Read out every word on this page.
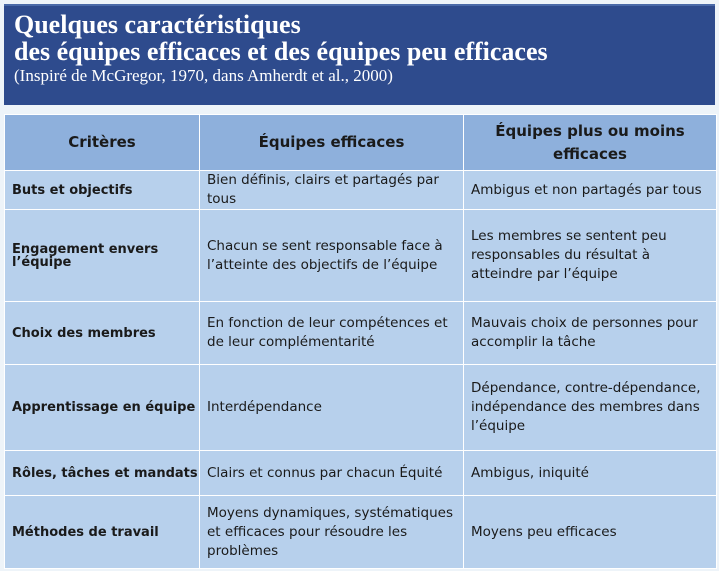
Quelques caractéristiques
des équipes efficaces et des équipes peu efficaces
(Inspiré de McGregor, 1970, dans Amherdt et al., 2000)
Critères	Équipes efficaces	Équipes plus ou moins efficaces
Buts et objectifs	Bien définis, clairs et partagés par tous	Ambigus et non partagés par tous
Engagement envers l’équipe	Chacun se sent responsable face à l’atteinte des objectifs de l’équipe	Les membres se sentent peu responsables du résultat à atteindre par l’équipe
Choix des membres	En fonction de leur compétences et de leur complémentarité	Mauvais choix de personnes pour accomplir la tâche
Apprentissage en équipe	Interdépendance	Dépendance, contre-dépendance, indépendance des membres dans l’équipe
Rôles, tâches et mandats	Clairs et connus par chacun Équité	Ambigus, iniquité
Méthodes de travail	Moyens dynamiques, systématiques et efficaces pour résoudre les problèmes	Moyens peu efficaces
